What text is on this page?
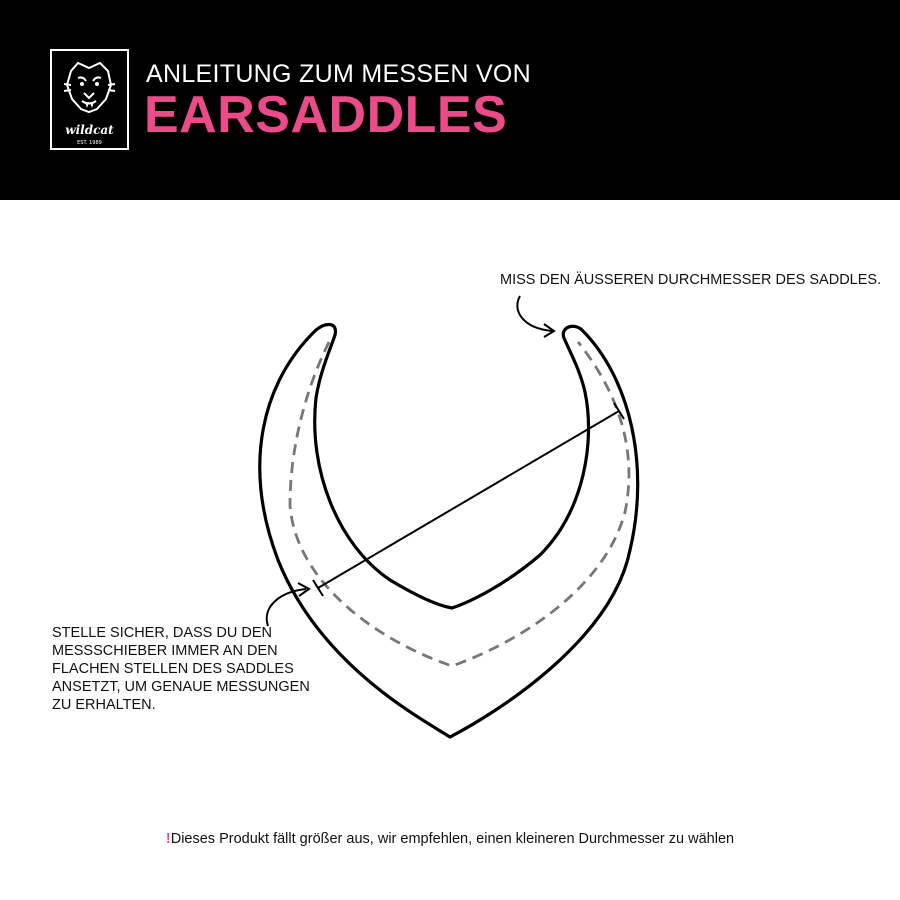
wildcat
EST. 1989
ANLEITUNG ZUM MESSEN VON
EARSADDLES
MISS DEN ÄUSSEREN DURCHMESSER DES SADDLES.
STELLE SICHER, DASS DU DEN
MESSSCHIEBER IMMER AN DEN
FLACHEN STELLEN DES SADDLES
ANSETZT, UM GENAUE MESSUNGEN
ZU ERHALTEN.
!Dieses Produkt fällt größer aus, wir empfehlen, einen kleineren Durchmesser zu wählen
